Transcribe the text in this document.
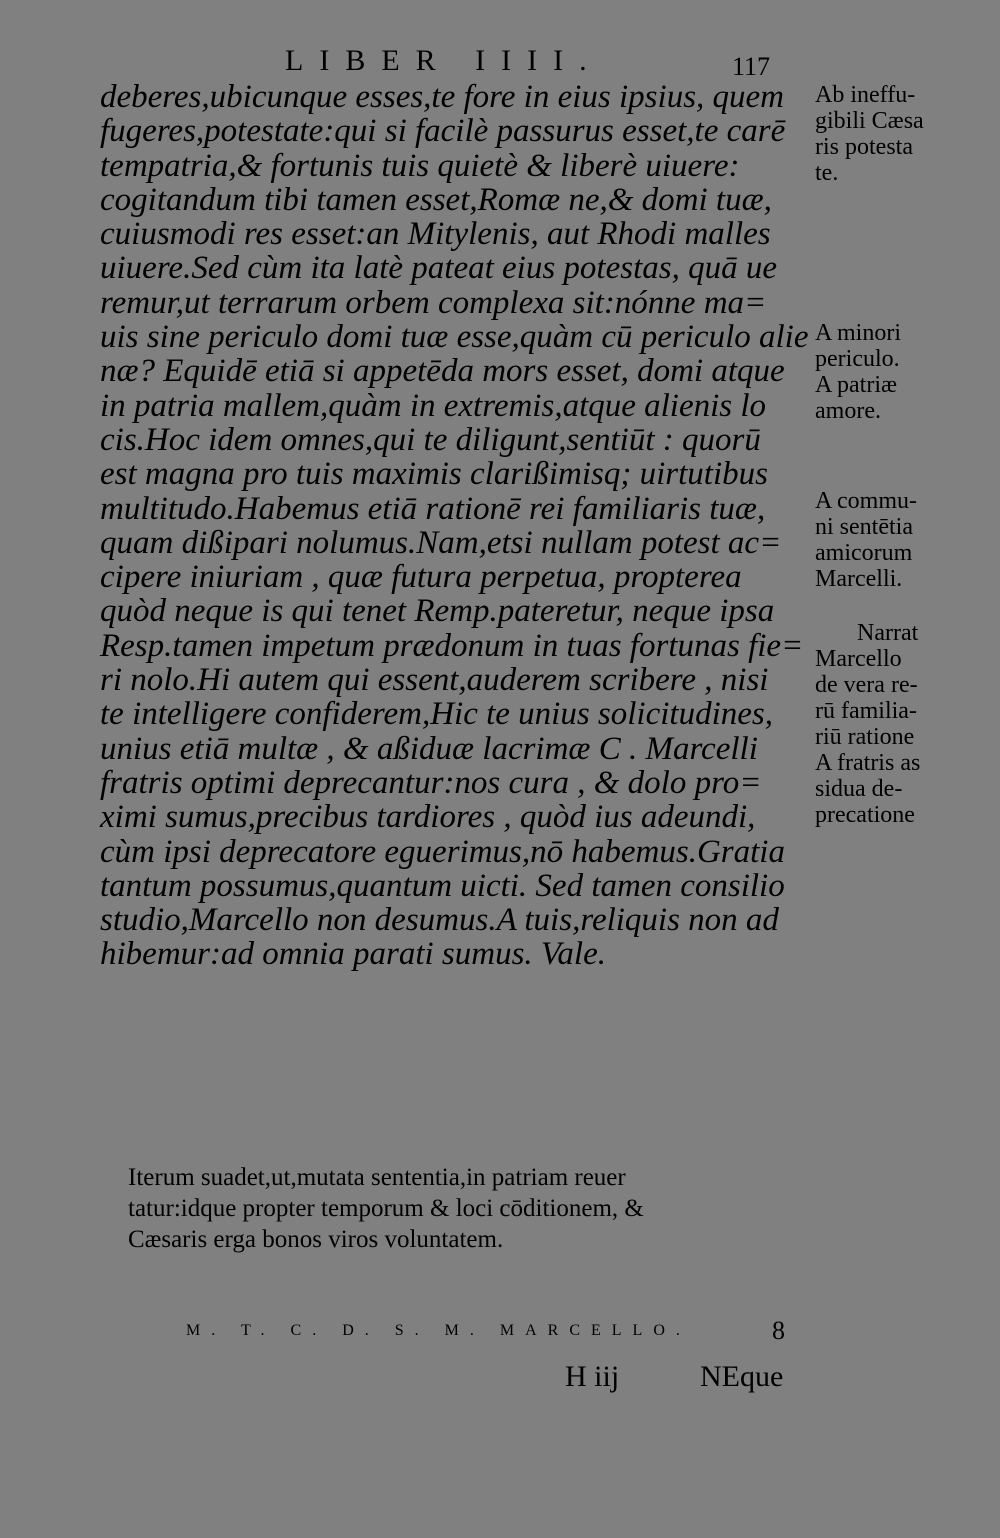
LIBER IIII.	117
deberes,ubicunque esses,te fore in eius ipsius, quem
fugeres,potestate:qui si facilè passurus esset,te carē
tempatria,& fortunis tuis quietè & liberè uiuere:
cogitandum tibi tamen esset,Romæ ne,& domi tuæ,
cuiusmodi res esset:an Mitylenis, aut Rhodi malles
uiuere.Sed cùm ita latè pateat eius potestas, quā ue
remur,ut terrarum orbem complexa sit:nónne ma=
uis sine periculo domi tuæ esse,quàm cū periculo alie
næ? Equidē etiā si appetēda mors esset, domi atque
in patria mallem,quàm in extremis,atque alienis lo
cis.Hoc idem omnes,qui te diligunt,sentiūt : quorū
est magna pro tuis maximis clarißimisq; uirtutibus
multitudo.Habemus etiā rationē rei familiaris tuæ,
quam dißipari nolumus.Nam,etsi nullam potest ac=
cipere iniuriam , quæ futura perpetua, propterea
quòd neque is qui tenet Remp.pateretur, neque ipsa
Resp.tamen impetum prædonum in tuas fortunas fie=
ri nolo.Hi autem qui essent,auderem scribere , nisi
te intelligere confiderem,Hic te unius solicitudines,
unius etiā multæ , & aßiduæ lacrimæ C . Marcelli
fratris optimi deprecantur:nos cura , & dolo pro=
ximi sumus,precibus tardiores , quòd ius adeundi,
cùm ipsi deprecatore eguerimus,nō habemus.Gratia
tantum possumus,quantum uicti. Sed tamen consilio
studio,Marcello non desumus.A tuis,reliquis non ad
hibemur:ad omnia parati sumus. Vale.
Ab ineffu-
gibili Cæsa
ris potesta
te.
A minori
periculo.
A patriæ
amore.
A commu-
ni sentētia
amicorum
Marcelli.
Narrat
Marcello
de vera re-
rū familia-
riū ratione
A fratris as
sidua de-
precatione
Iterum suadet,ut,mutata sententia,in patriam reuer
tatur:idque propter temporum & loci cōditionem, &
Cæsaris erga bonos viros voluntatem.
M. T. C. D. S. M. MARCELLO.	8
H iij	NEque
